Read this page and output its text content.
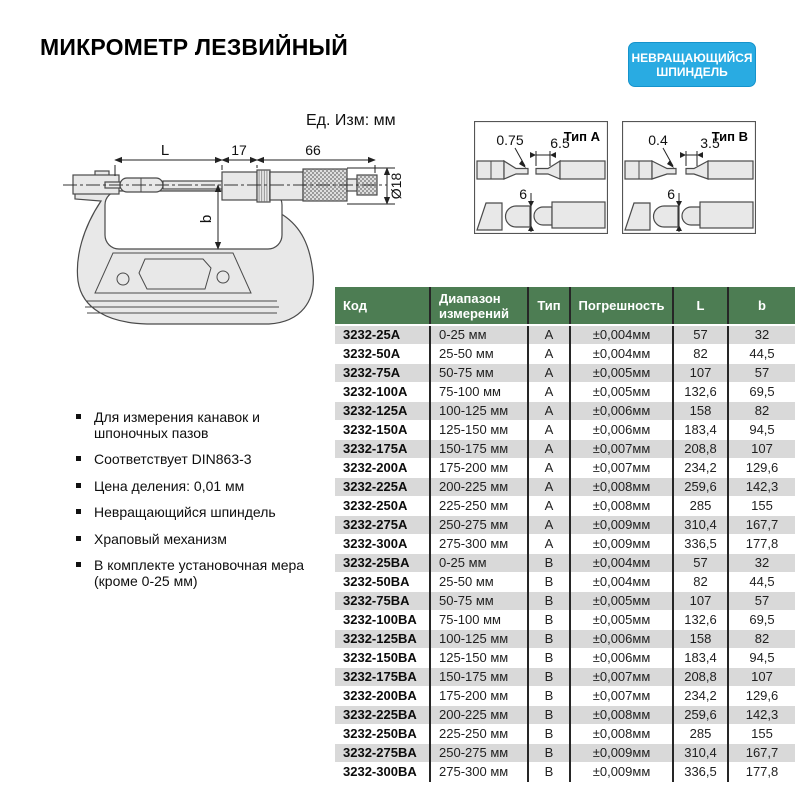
МИКРОМЕТР ЛЕЗВИЙНЫЙ	НЕВРАЩАЮЩИЙСЯ
ШПИНДЕЛЬ
Ед. Изм: мм
L	17	66
Ø18
b
Тип A
0.75 6.5
6
Тип B
0.4 3.5
6
Для измерения канавок и шпоночных пазов
Соответствует DIN863-3
Цена деления: 0,01 мм
Невращающийся шпиндель
Храповый механизм
В комплекте установочная мера (кроме 0-25 мм)
Код	Диапазон измерений	Тип	Погрешность	L	b
3232-25A	0-25 мм	A	±0,004мм	57	32
3232-50A	25-50 мм	A	±0,004мм	82	44,5
3232-75A	50-75 мм	A	±0,005мм	107	57
3232-100A	75-100 мм	A	±0,005мм	132,6	69,5
3232-125A	100-125 мм	A	±0,006мм	158	82
3232-150A	125-150 мм	A	±0,006мм	183,4	94,5
3232-175A	150-175 мм	A	±0,007мм	208,8	107
3232-200A	175-200 мм	A	±0,007мм	234,2	129,6
3232-225A	200-225 мм	A	±0,008мм	259,6	142,3
3232-250A	225-250 мм	A	±0,008мм	285	155
3232-275A	250-275 мм	A	±0,009мм	310,4	167,7
3232-300A	275-300 мм	A	±0,009мм	336,5	177,8
3232-25BA	0-25 мм	B	±0,004мм	57	32
3232-50BA	25-50 мм	B	±0,004мм	82	44,5
3232-75BA	50-75 мм	B	±0,005мм	107	57
3232-100BA	75-100 мм	B	±0,005мм	132,6	69,5
3232-125BA	100-125 мм	B	±0,006мм	158	82
3232-150BA	125-150 мм	B	±0,006мм	183,4	94,5
3232-175BA	150-175 мм	B	±0,007мм	208,8	107
3232-200BA	175-200 мм	B	±0,007мм	234,2	129,6
3232-225BA	200-225 мм	B	±0,008мм	259,6	142,3
3232-250BA	225-250 мм	B	±0,008мм	285	155
3232-275BA	250-275 мм	B	±0,009мм	310,4	167,7
3232-300BA	275-300 мм	B	±0,009мм	336,5	177,8
